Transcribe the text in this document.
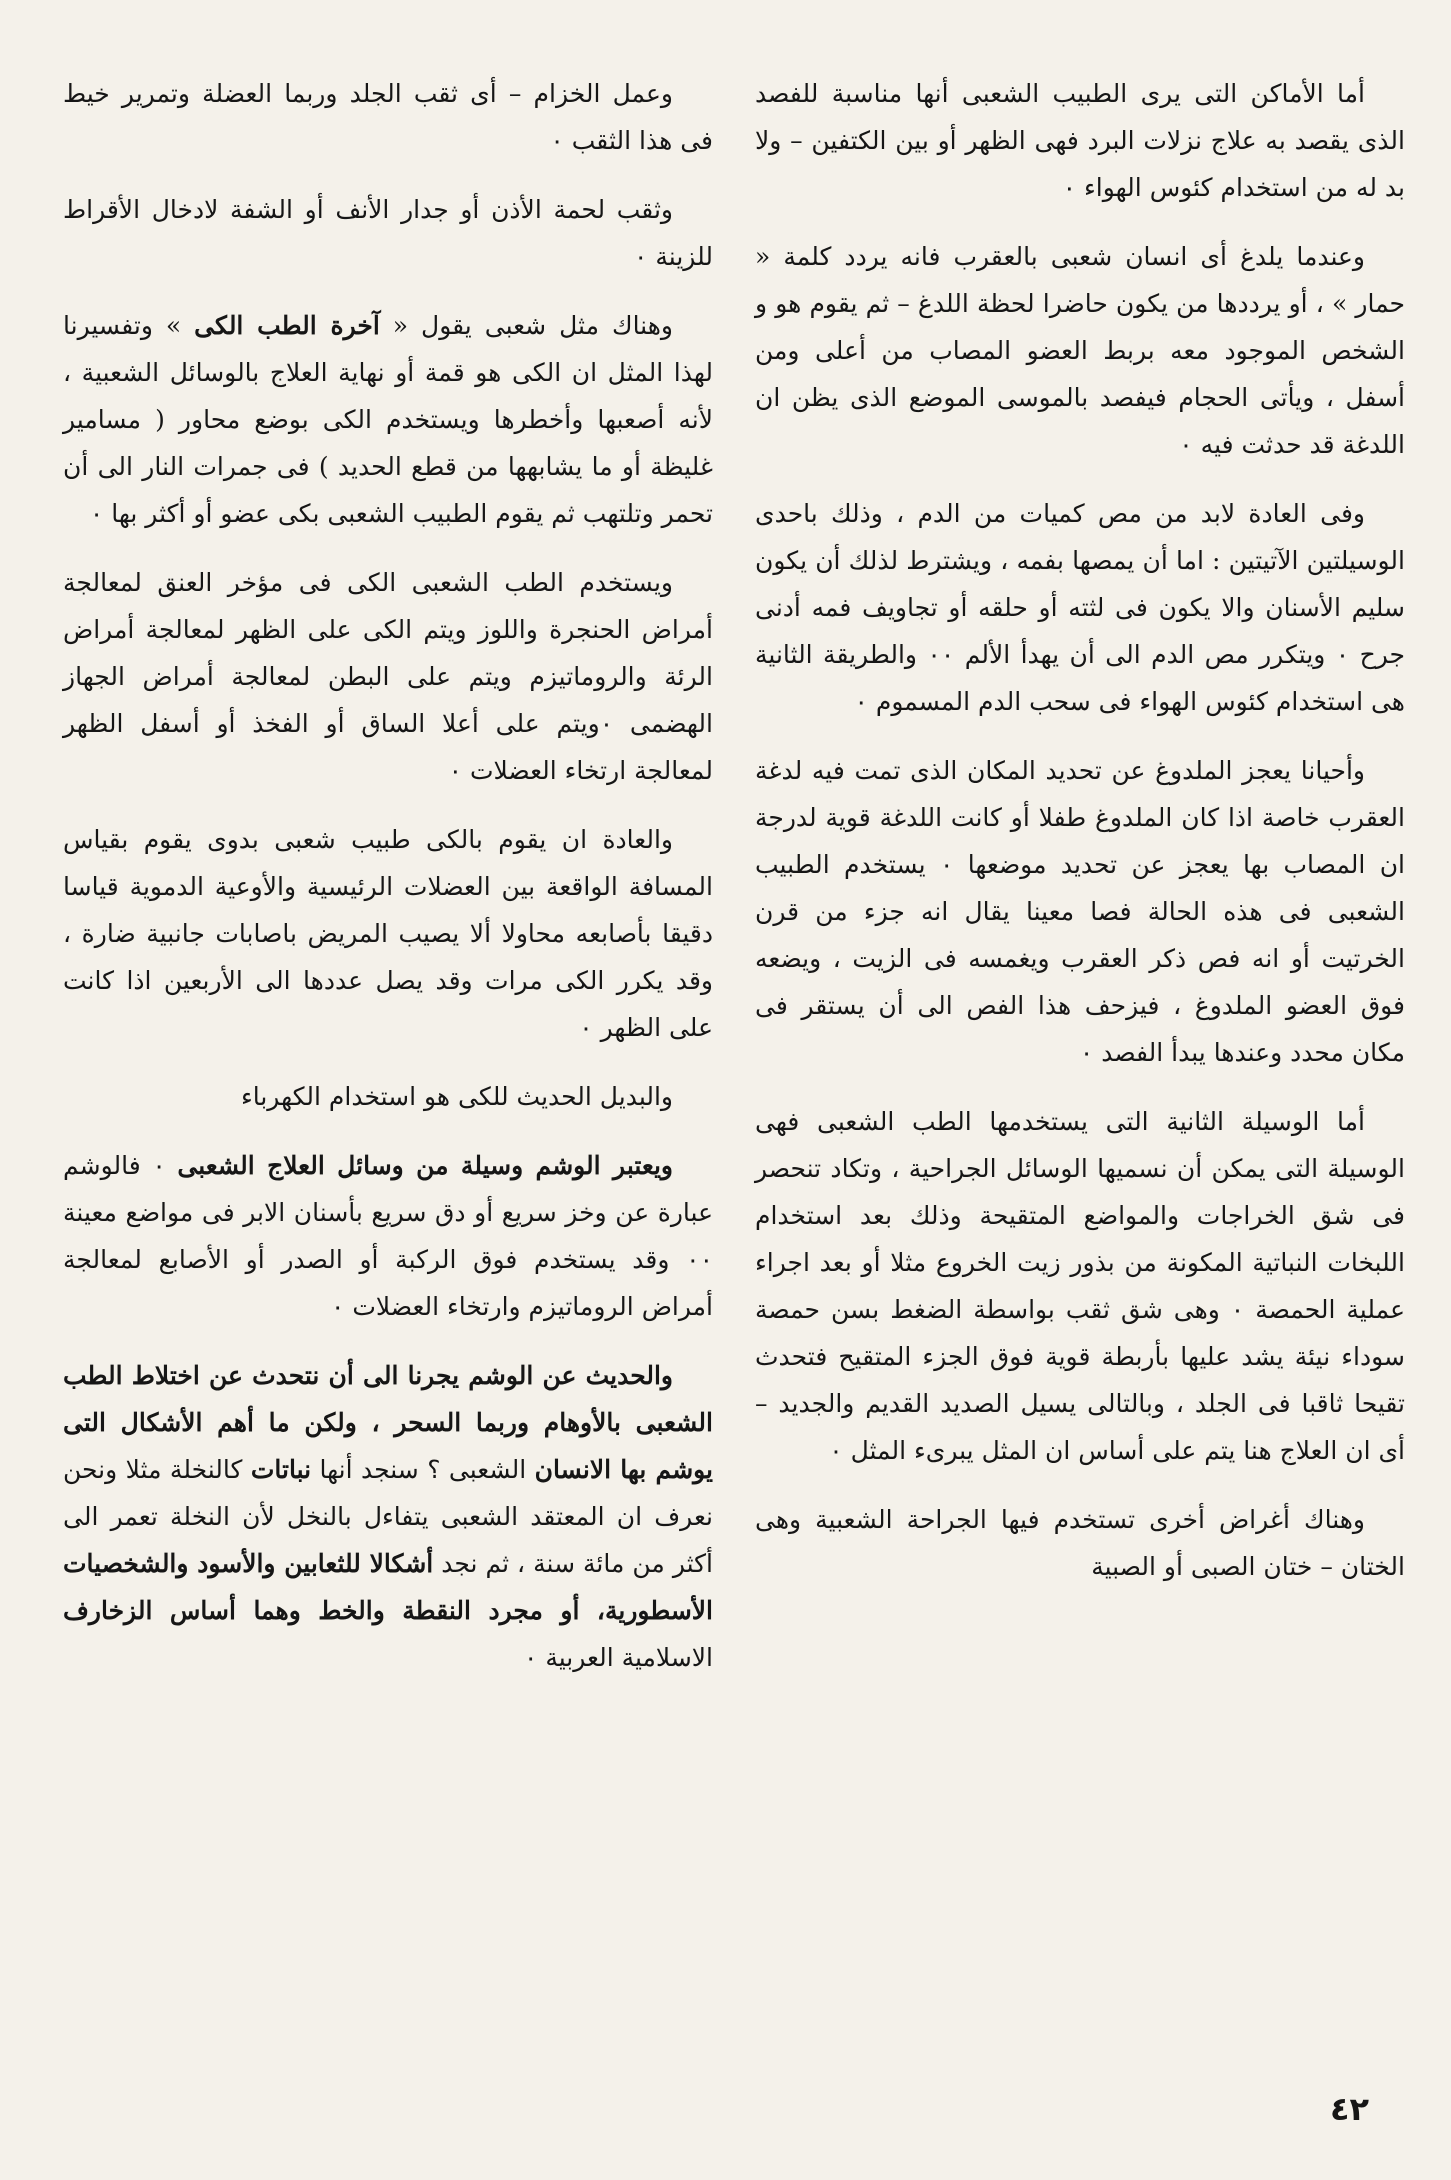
أما الأماكن التى يرى الطبيب الشعبى أنها مناسبة للفصد الذى يقصد به علاج نزلات البرد فهى الظهر أو بين الكتفين – ولا بد له من استخدام كئوس الهواء ٠

وعندما يلدغ أى انسان شعبى بالعقرب فانه يردد كلمة « حمار » ، أو يرددها من يكون حاضرا لحظة اللدغ – ثم يقوم هو و الشخص الموجود معه بربط العضو المصاب من أعلى ومن أسفل ، ويأتى الحجام فيفصد بالموسى الموضع الذى يظن ان اللدغة قد حدثت فيه ٠

وفى العادة لابد من مص كميات من الدم ، وذلك باحدى الوسيلتين الآتيتين : اما أن يمصها بفمه ، ويشترط لذلك أن يكون سليم الأسنان والا يكون فى لثته أو حلقه أو تجاويف فمه أدنى جرح ٠ ويتكرر مص الدم الى أن يهدأ الألم ٠٠ والطريقة الثانية هى استخدام كئوس الهواء فى سحب الدم المسموم ٠

وأحيانا يعجز الملدوغ عن تحديد المكان الذى تمت فيه لدغة العقرب خاصة اذا كان الملدوغ طفلا أو كانت اللدغة قوية لدرجة ان المصاب بها يعجز عن تحديد موضعها ٠ يستخدم الطبيب الشعبى فى هذه الحالة فصا معينا يقال انه جزء من قرن الخرتيت أو انه فص ذكر العقرب ويغمسه فى الزيت ، ويضعه فوق العضو الملدوغ ، فيزحف هذا الفص الى أن يستقر فى مكان محدد وعندها يبدأ الفصد ٠

أما الوسيلة الثانية التى يستخدمها الطب الشعبى فهى الوسيلة التى يمكن أن نسميها الوسائل الجراحية ، وتكاد تنحصر فى شق الخراجات والمواضع المتقيحة وذلك بعد استخدام اللبخات النباتية المكونة من بذور زيت الخروع مثلا أو بعد اجراء عملية الحمصة ٠ وهى شق ثقب بواسطة الضغط بسن حمصة سوداء نيئة يشد عليها بأربطة قوية فوق الجزء المتقيح فتحدث تقيحا ثاقبا فى الجلد ، وبالتالى يسيل الصديد القديم والجديد – أى ان العلاج هنا يتم على أساس ان المثل يبرىء المثل ٠

وهناك أغراض أخرى تستخدم فيها الجراحة الشعبية وهى الختان – ختان الصبى أو الصبية

وعمل الخزام – أى ثقب الجلد وربما العضلة وتمرير خيط فى هذا الثقب ٠

وثقب لحمة الأذن أو جدار الأنف أو الشفة لادخال الأقراط للزينة ٠

وهناك مثل شعبى يقول « آخرة الطب الكى » وتفسيرنا لهذا المثل ان الكى هو قمة أو نهاية العلاج بالوسائل الشعبية ، لأنه أصعبها وأخطرها ويستخدم الكى بوضع محاور ( مسامير غليظة أو ما يشابهها من قطع الحديد ) فى جمرات النار الى أن تحمر وتلتهب ثم يقوم الطبيب الشعبى بكى عضو أو أكثر بها ٠

ويستخدم الطب الشعبى الكى فى مؤخر العنق لمعالجة أمراض الحنجرة واللوز ويتم الكى على الظهر لمعالجة أمراض الرئة والروماتيزم ويتم على البطن لمعالجة أمراض الجهاز الهضمى ٠ويتم على أعلا الساق أو الفخذ أو أسفل الظهر لمعالجة ارتخاء العضلات ٠

والعادة ان يقوم بالكى طبيب شعبى بدوى يقوم بقياس المسافة الواقعة بين العضلات الرئيسية والأوعية الدموية قياسا دقيقا بأصابعه محاولا ألا يصيب المريض باصابات جانبية ضارة ، وقد يكرر الكى مرات وقد يصل عددها الى الأربعين اذا كانت على الظهر ٠

والبديل الحديث للكى هو استخدام الكهرباء

ويعتبر الوشم وسيلة من وسائل العلاج الشعبى ٠ فالوشم عبارة عن وخز سريع أو دق سريع بأسنان الابر فى مواضع معينة ٠٠ وقد يستخدم فوق الركبة أو الصدر أو الأصابع لمعالجة أمراض الروماتيزم وارتخاء العضلات ٠

والحديث عن الوشم يجرنا الى أن نتحدث عن اختلاط الطب الشعبى بالأوهام وربما السحر ، ولكن ما أهم الأشكال التى يوشم بها الانسان الشعبى ؟ سنجد أنها نباتات كالنخلة مثلا ونحن نعرف ان المعتقد الشعبى يتفاءل بالنخل لأن النخلة تعمر الى أكثر من مائة سنة ، ثم نجد أشكالا للثعابين والأسود والشخصيات الأسطورية، أو مجرد النقطة والخط وهما أساس الزخارف الاسلامية العربية ٠

٤٢
